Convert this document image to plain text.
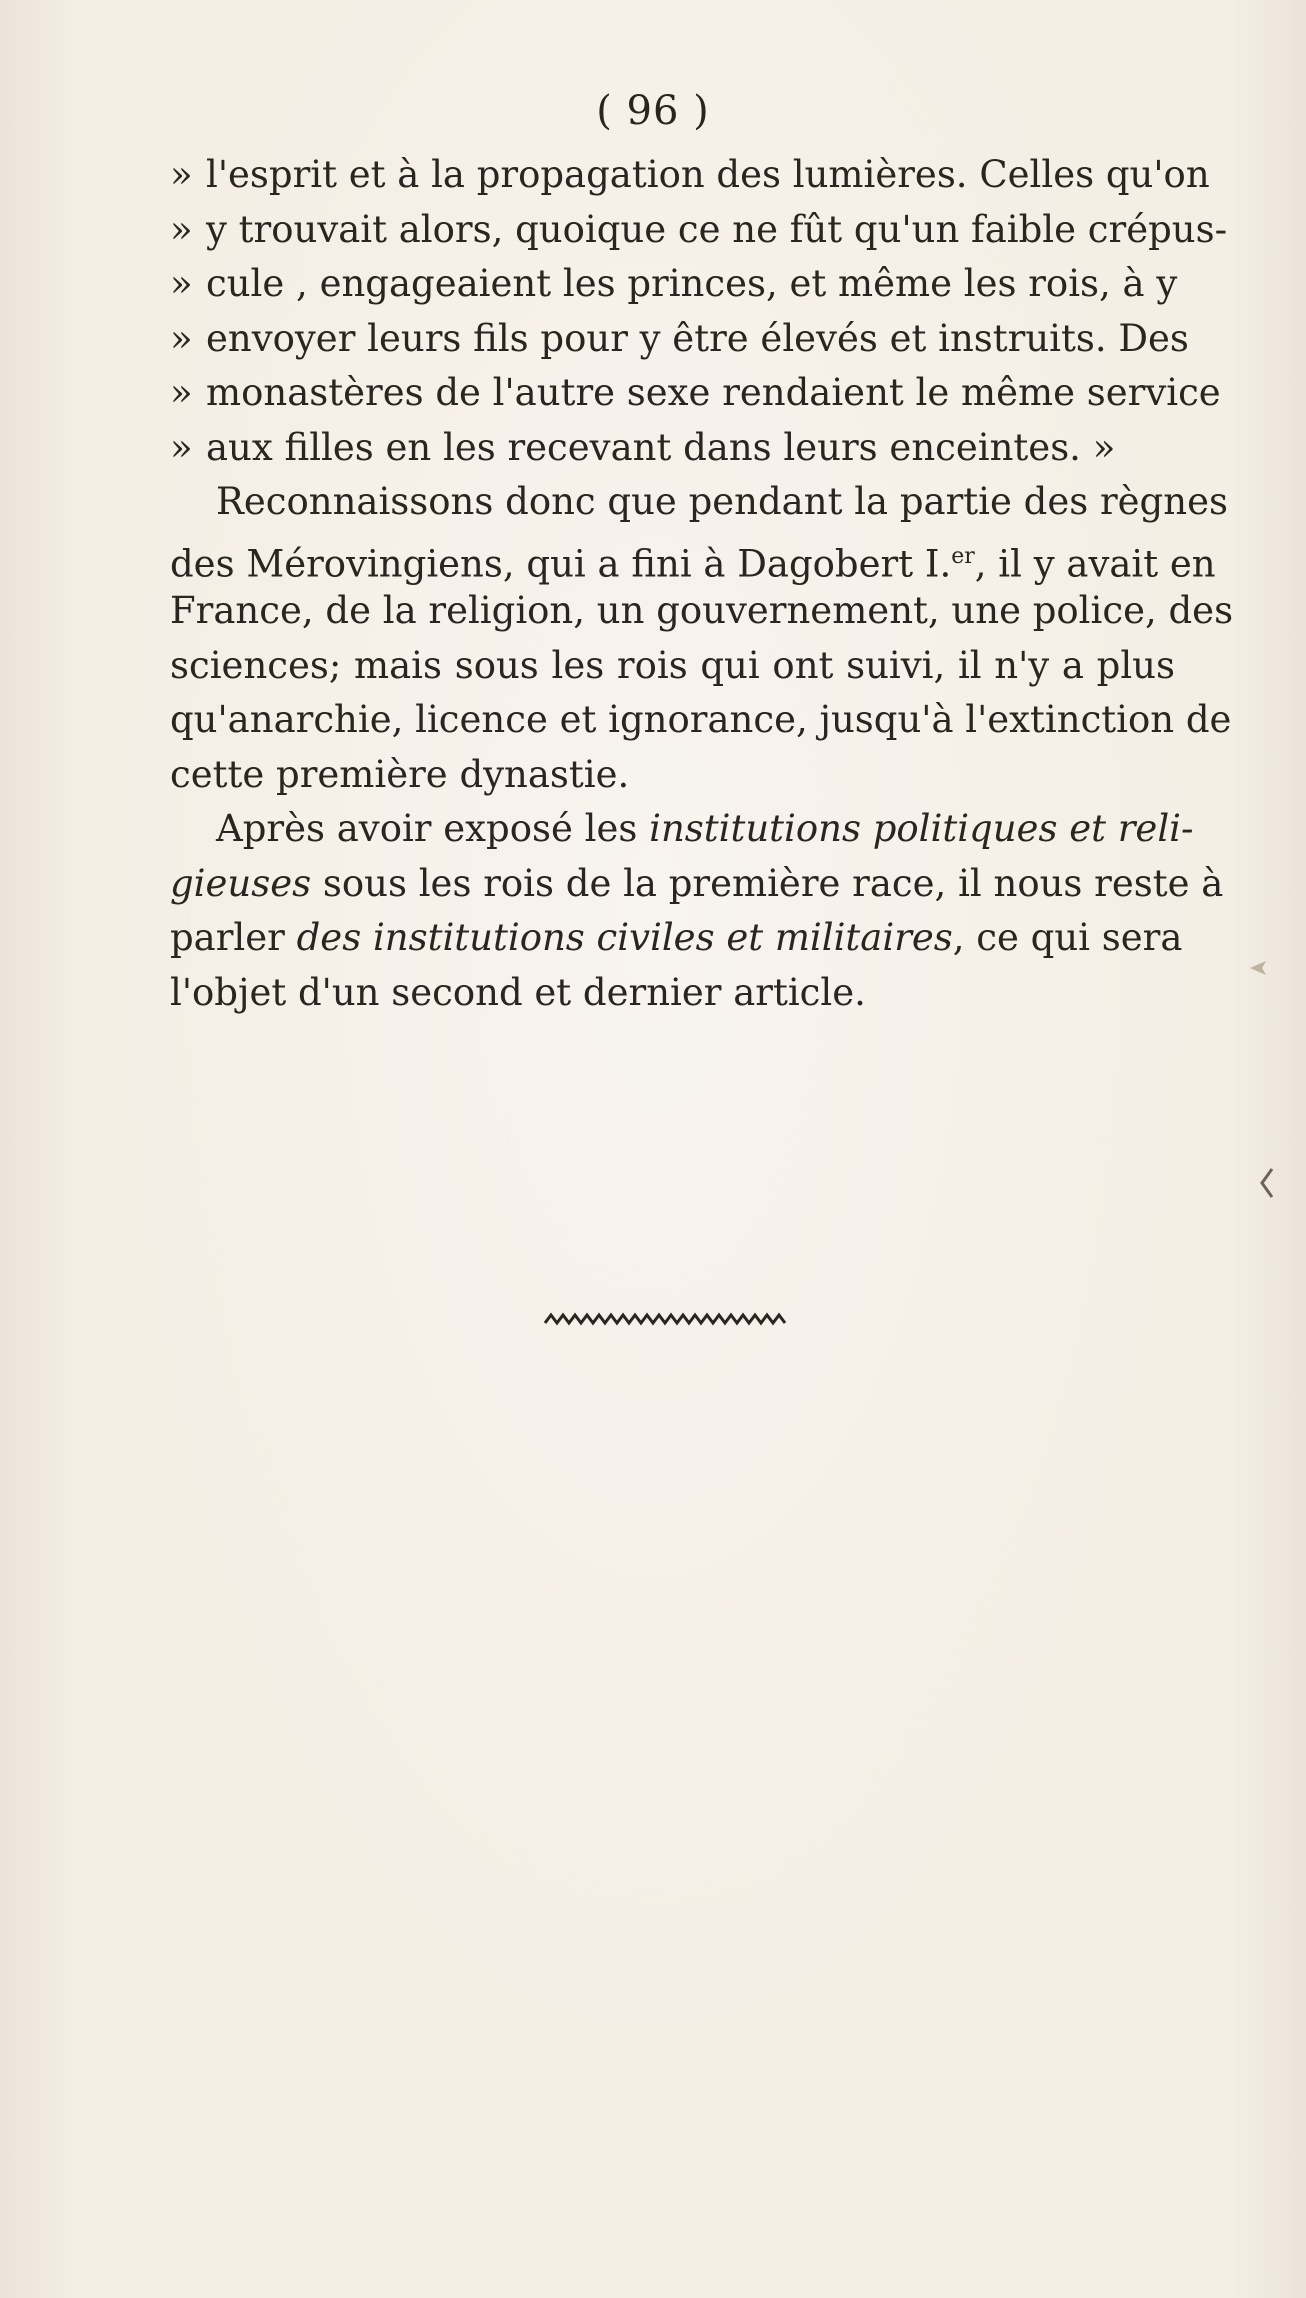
( 96 )
» l'esprit et à la propagation des lumières. Celles qu'on
» y trouvait alors, quoique ce ne fût qu'un faible crépus-
» cule , engageaient les princes, et même les rois, à y
» envoyer leurs fils pour y être élevés et instruits. Des
» monastères de l'autre sexe rendaient le même service
» aux filles en les recevant dans leurs enceintes. »
Reconnaissons donc que pendant la partie des règnes
des Mérovingiens, qui a fini à Dagobert I.$^{er}$, il y avait en
France, de la religion, un gouvernement, une police, des
sciences; mais sous les rois qui ont suivi, il n'y a plus
qu'anarchie, licence et ignorance, jusqu'à l'extinction de
cette première dynastie.
Après avoir exposé les institutions politiques et reli-
gieuses sous les rois de la première race, il nous reste à
parler des institutions civiles et militaires, ce qui sera
l'objet d'un second et dernier article.
